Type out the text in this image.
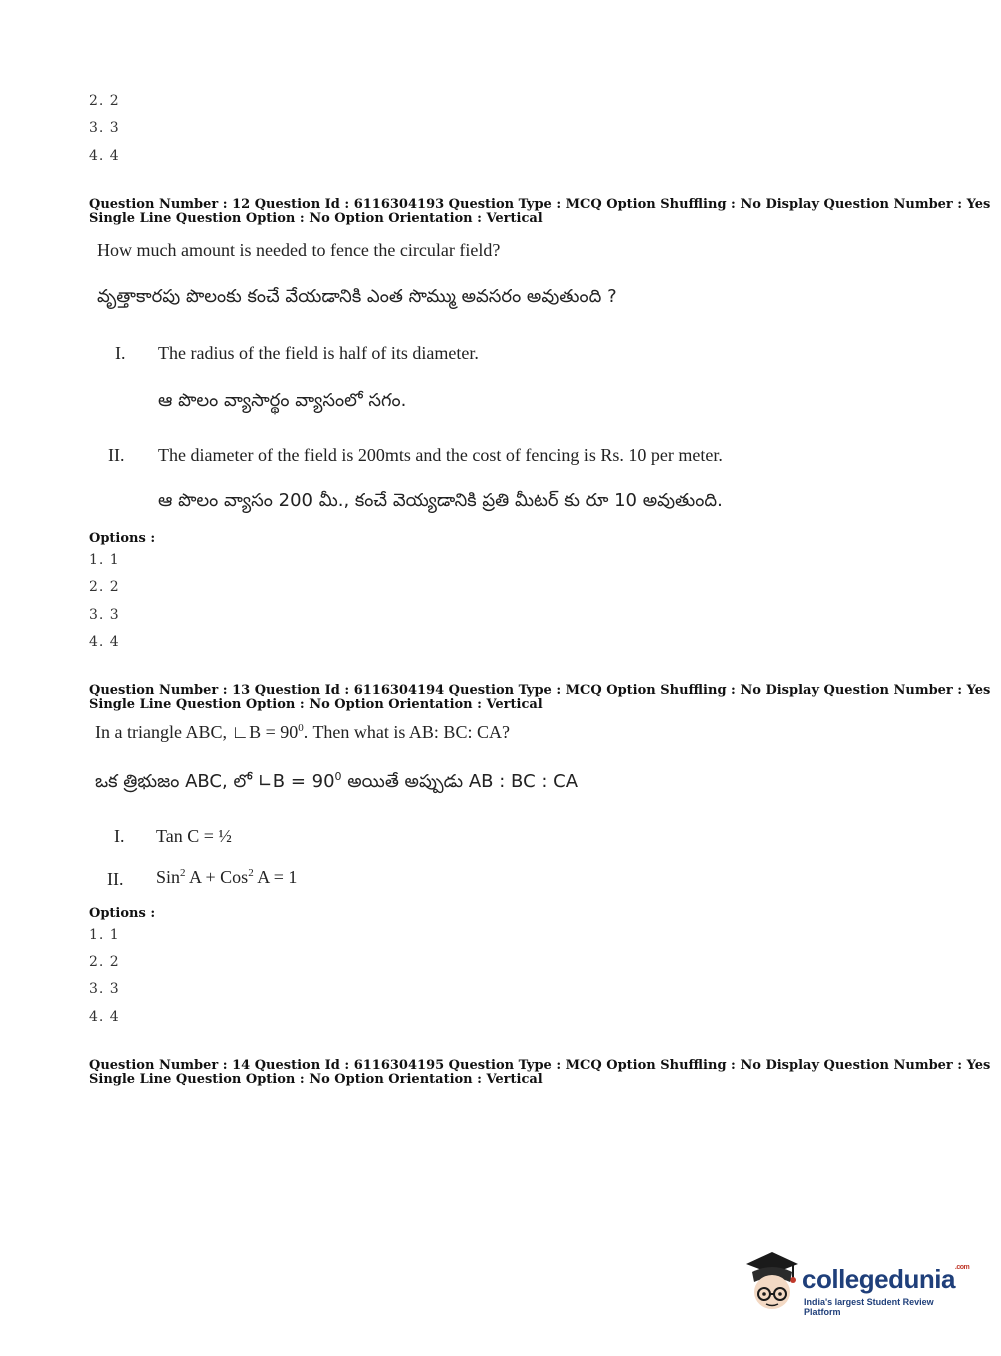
2. 2
3. 3
4. 4
Question Number : 12 Question Id : 6116304193 Question Type : MCQ Option Shuffling : No Display Question Number : Yes
Single Line Question Option : No Option Orientation : Vertical
How much amount is needed to fence the circular field?
వృత్తాకారపు పొలంకు కంచే వేయడానికి ఎంత సొమ్ము అవసరం అవుతుంది ?
I. The radius of the field is half of its diameter.
ఆ పొలం వ్యాసార్థం వ్యాసంలో సగం.
II. The diameter of the field is 200mts and the cost of fencing is Rs. 10 per meter.
ఆ పొలం వ్యాసం 200 మీ., కంచే వెయ్యడానికి ప్రతి మీటర్ కు రూ 10 అవుతుంది.
Options :
1. 1
2. 2
3. 3
4. 4
Question Number : 13 Question Id : 6116304194 Question Type : MCQ Option Shuffling : No Display Question Number : Yes
Single Line Question Option : No Option Orientation : Vertical
In a triangle ABC, ∟B = $90^0$. Then what is AB: BC: CA?
ఒక త్రిభుజం ABC, లో ∟B = $90^0$ అయితే అప్పుడు AB : BC : CA
I. Tan C = ½
II. Sin$^2$ A + Cos$^2$ A = 1
Options :
1. 1
2. 2
3. 3
4. 4
Question Number : 14 Question Id : 6116304195 Question Type : MCQ Option Shuffling : No Display Question Number : Yes
Single Line Question Option : No Option Orientation : Vertical
collegedunia$^{.com}$
India's largest Student Review Platform
